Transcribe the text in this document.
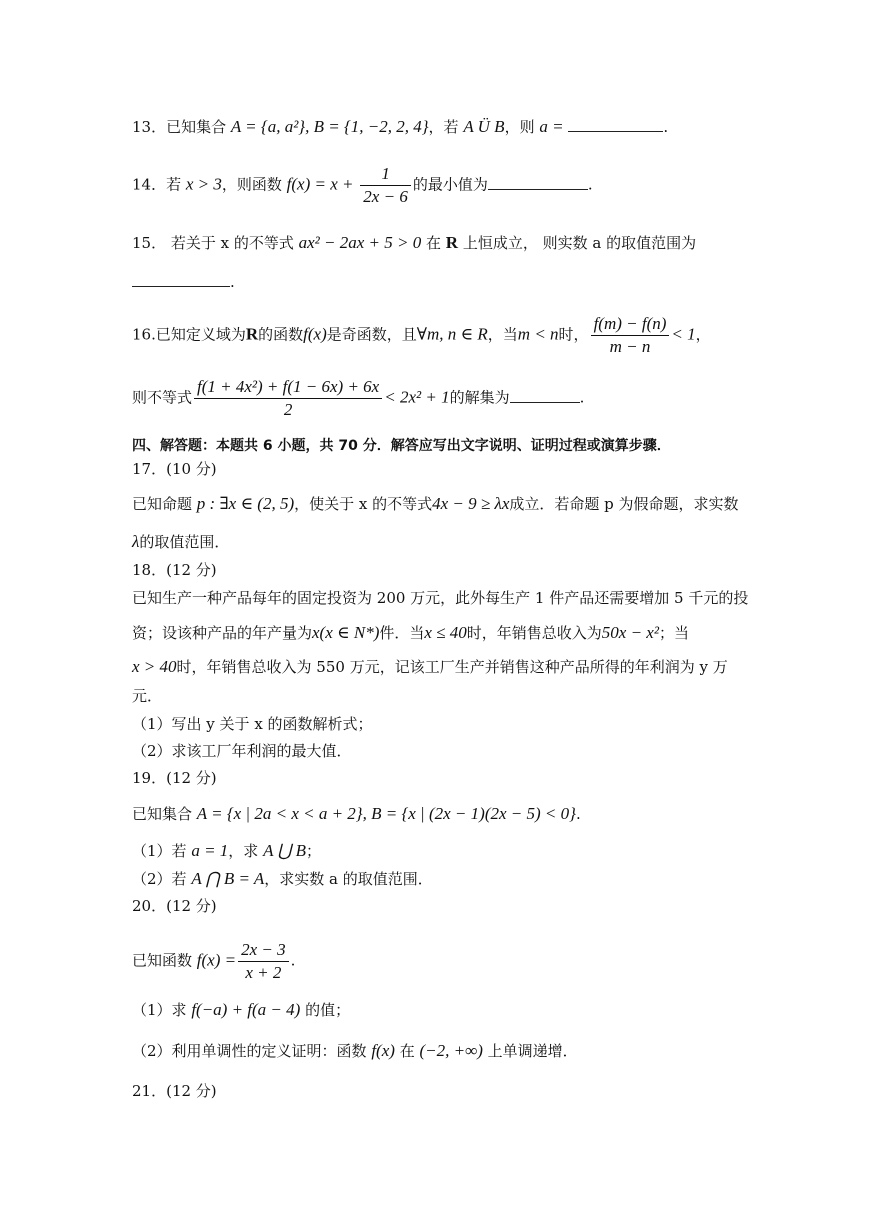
13．已知集合 A = {a, a²}, B = {1, −2, 2, 4}，若 A Ü B，则 a =	.
14．若 x > 3，则函数 $f(x) = x + \frac{1}{2x - 6}$ 的最小值为	.
15． 若关于 x 的不等式 ax² − 2ax + 5 > 0 在 R 上恒成立， 则实数 a 的取值范围为
.
16.已知定义域为R的函数f(x)是奇函数，且∀m, n ∈ R，当m < n时， $\frac{f(m) - f(n)}{m - n} < 1$，
则不等式 $\frac{\text{f(1 + 4x²) + f(1 − 6x) + 6x}}{2} < 2x^2 + 1$的解集为	.
四、解答题：本题共 6 小题，共 70 分．解答应写出文字说明、证明过程或演算步骤．
17．(10 分)
已知命题 p : ∃x ∈ (2, 5)，使关于 x 的不等式4x − 9 ≥ λx成立．若命题 p 为假命题，求实数
λ的取值范围．
18．(12 分)
已知生产一种产品每年的固定投资为 200 万元，此外每生产 1 件产品还需要增加 5 千元的投
资；设该种产品的年产量为x(x ∈ N*)件．当x ≤ 40时，年销售总收入为50x − x²；当
x > 40时，年销售总收入为 550 万元，记该工厂生产并销售这种产品所得的年利润为 y 万
元．
（1）写出 y 关于 x 的函数解析式；
（2）求该工厂年利润的最大值．
19．(12 分)
已知集合 A = {x | 2a < x < a + 2}, B = {x | (2x − 1)(2x − 5) < 0}.
（1）若 a = 1，求 A ⋃ B；
（2）若 A ⋂ B = A，求实数 a 的取值范围．
20．(12 分)
已知函数 $f(x) = \frac{2x - 3}{x + 2}$ .
（1）求 f(−a) + f(a − 4) 的值；
（2）利用单调性的定义证明：函数 f(x) 在 (−2, +∞) 上单调递增．
21．(12 分)
